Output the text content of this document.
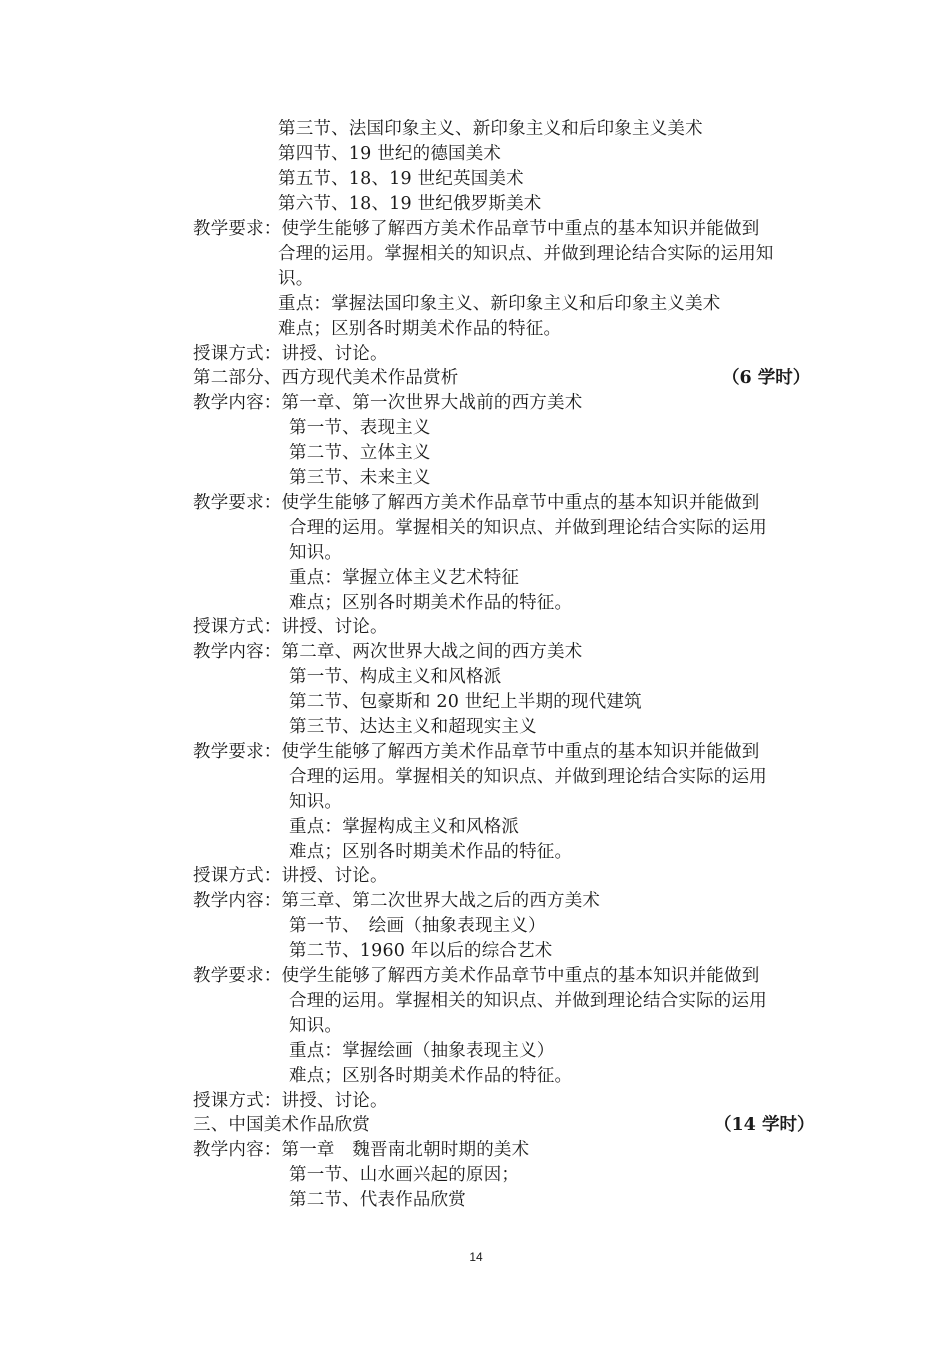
第三节、法国印象主义、新印象主义和后印象主义美术
第四节、19 世纪的德国美术
第五节、18、19 世纪英国美术
第六节、18、19 世纪俄罗斯美术
教学要求：使学生能够了解西方美术作品章节中重点的基本知识并能做到
合理的运用。掌握相关的知识点、并做到理论结合实际的运用知
识。
重点：掌握法国印象主义、新印象主义和后印象主义美术
难点；区别各时期美术作品的特征。
授课方式：讲授、讨论。
第二部分、西方现代美术作品赏析	（6 学时）
教学内容：第一章、第一次世界大战前的西方美术
第一节、表现主义
第二节、立体主义
第三节、未来主义
教学要求：使学生能够了解西方美术作品章节中重点的基本知识并能做到
合理的运用。掌握相关的知识点、并做到理论结合实际的运用
知识。
重点：掌握立体主义艺术特征
难点；区别各时期美术作品的特征。
授课方式：讲授、讨论。
教学内容：第二章、两次世界大战之间的西方美术
第一节、构成主义和风格派
第二节、包豪斯和 20 世纪上半期的现代建筑
第三节、达达主义和超现实主义
教学要求：使学生能够了解西方美术作品章节中重点的基本知识并能做到
合理的运用。掌握相关的知识点、并做到理论结合实际的运用
知识。
重点：掌握构成主义和风格派
难点；区别各时期美术作品的特征。
授课方式：讲授、讨论。
教学内容：第三章、第二次世界大战之后的西方美术
第一节、　绘画（抽象表现主义）
第二节、1960 年以后的综合艺术
教学要求：使学生能够了解西方美术作品章节中重点的基本知识并能做到
合理的运用。掌握相关的知识点、并做到理论结合实际的运用
知识。
重点：掌握绘画（抽象表现主义）
难点；区别各时期美术作品的特征。
授课方式：讲授、讨论。
三、中国美术作品欣赏	（14 学时）
教学内容：第一章　魏晋南北朝时期的美术
第一节、山水画兴起的原因；
第二节、代表作品欣赏
14
